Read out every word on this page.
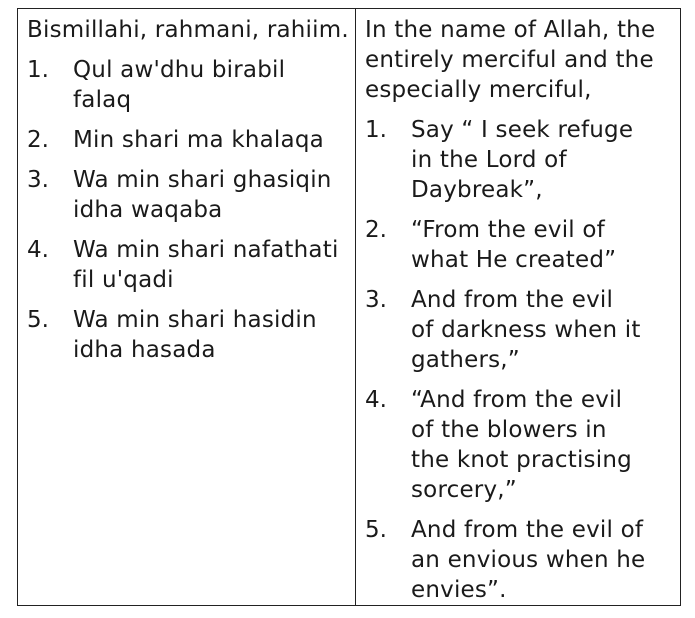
Bismillahi, rahmani, rahiim.
1.	Qul aw'dhu birabil
falaq
2.	Min shari ma khalaqa
3.	Wa min shari ghasiqin
idha waqaba
4.	Wa min shari nafathati
fil u'qadi
5.	Wa min shari hasidin
idha hasada
In the name of Allah, the
entirely merciful and the
especially merciful,
1.	Say “ I seek refuge
in the Lord of
Daybreak”,
2.	“From the evil of
what He created”
3.	And from the evil
of darkness when it
gathers,”
4.	“And from the evil
of the blowers in
the knot practising
sorcery,”
5.	And from the evil of
an envious when he
envies”.
